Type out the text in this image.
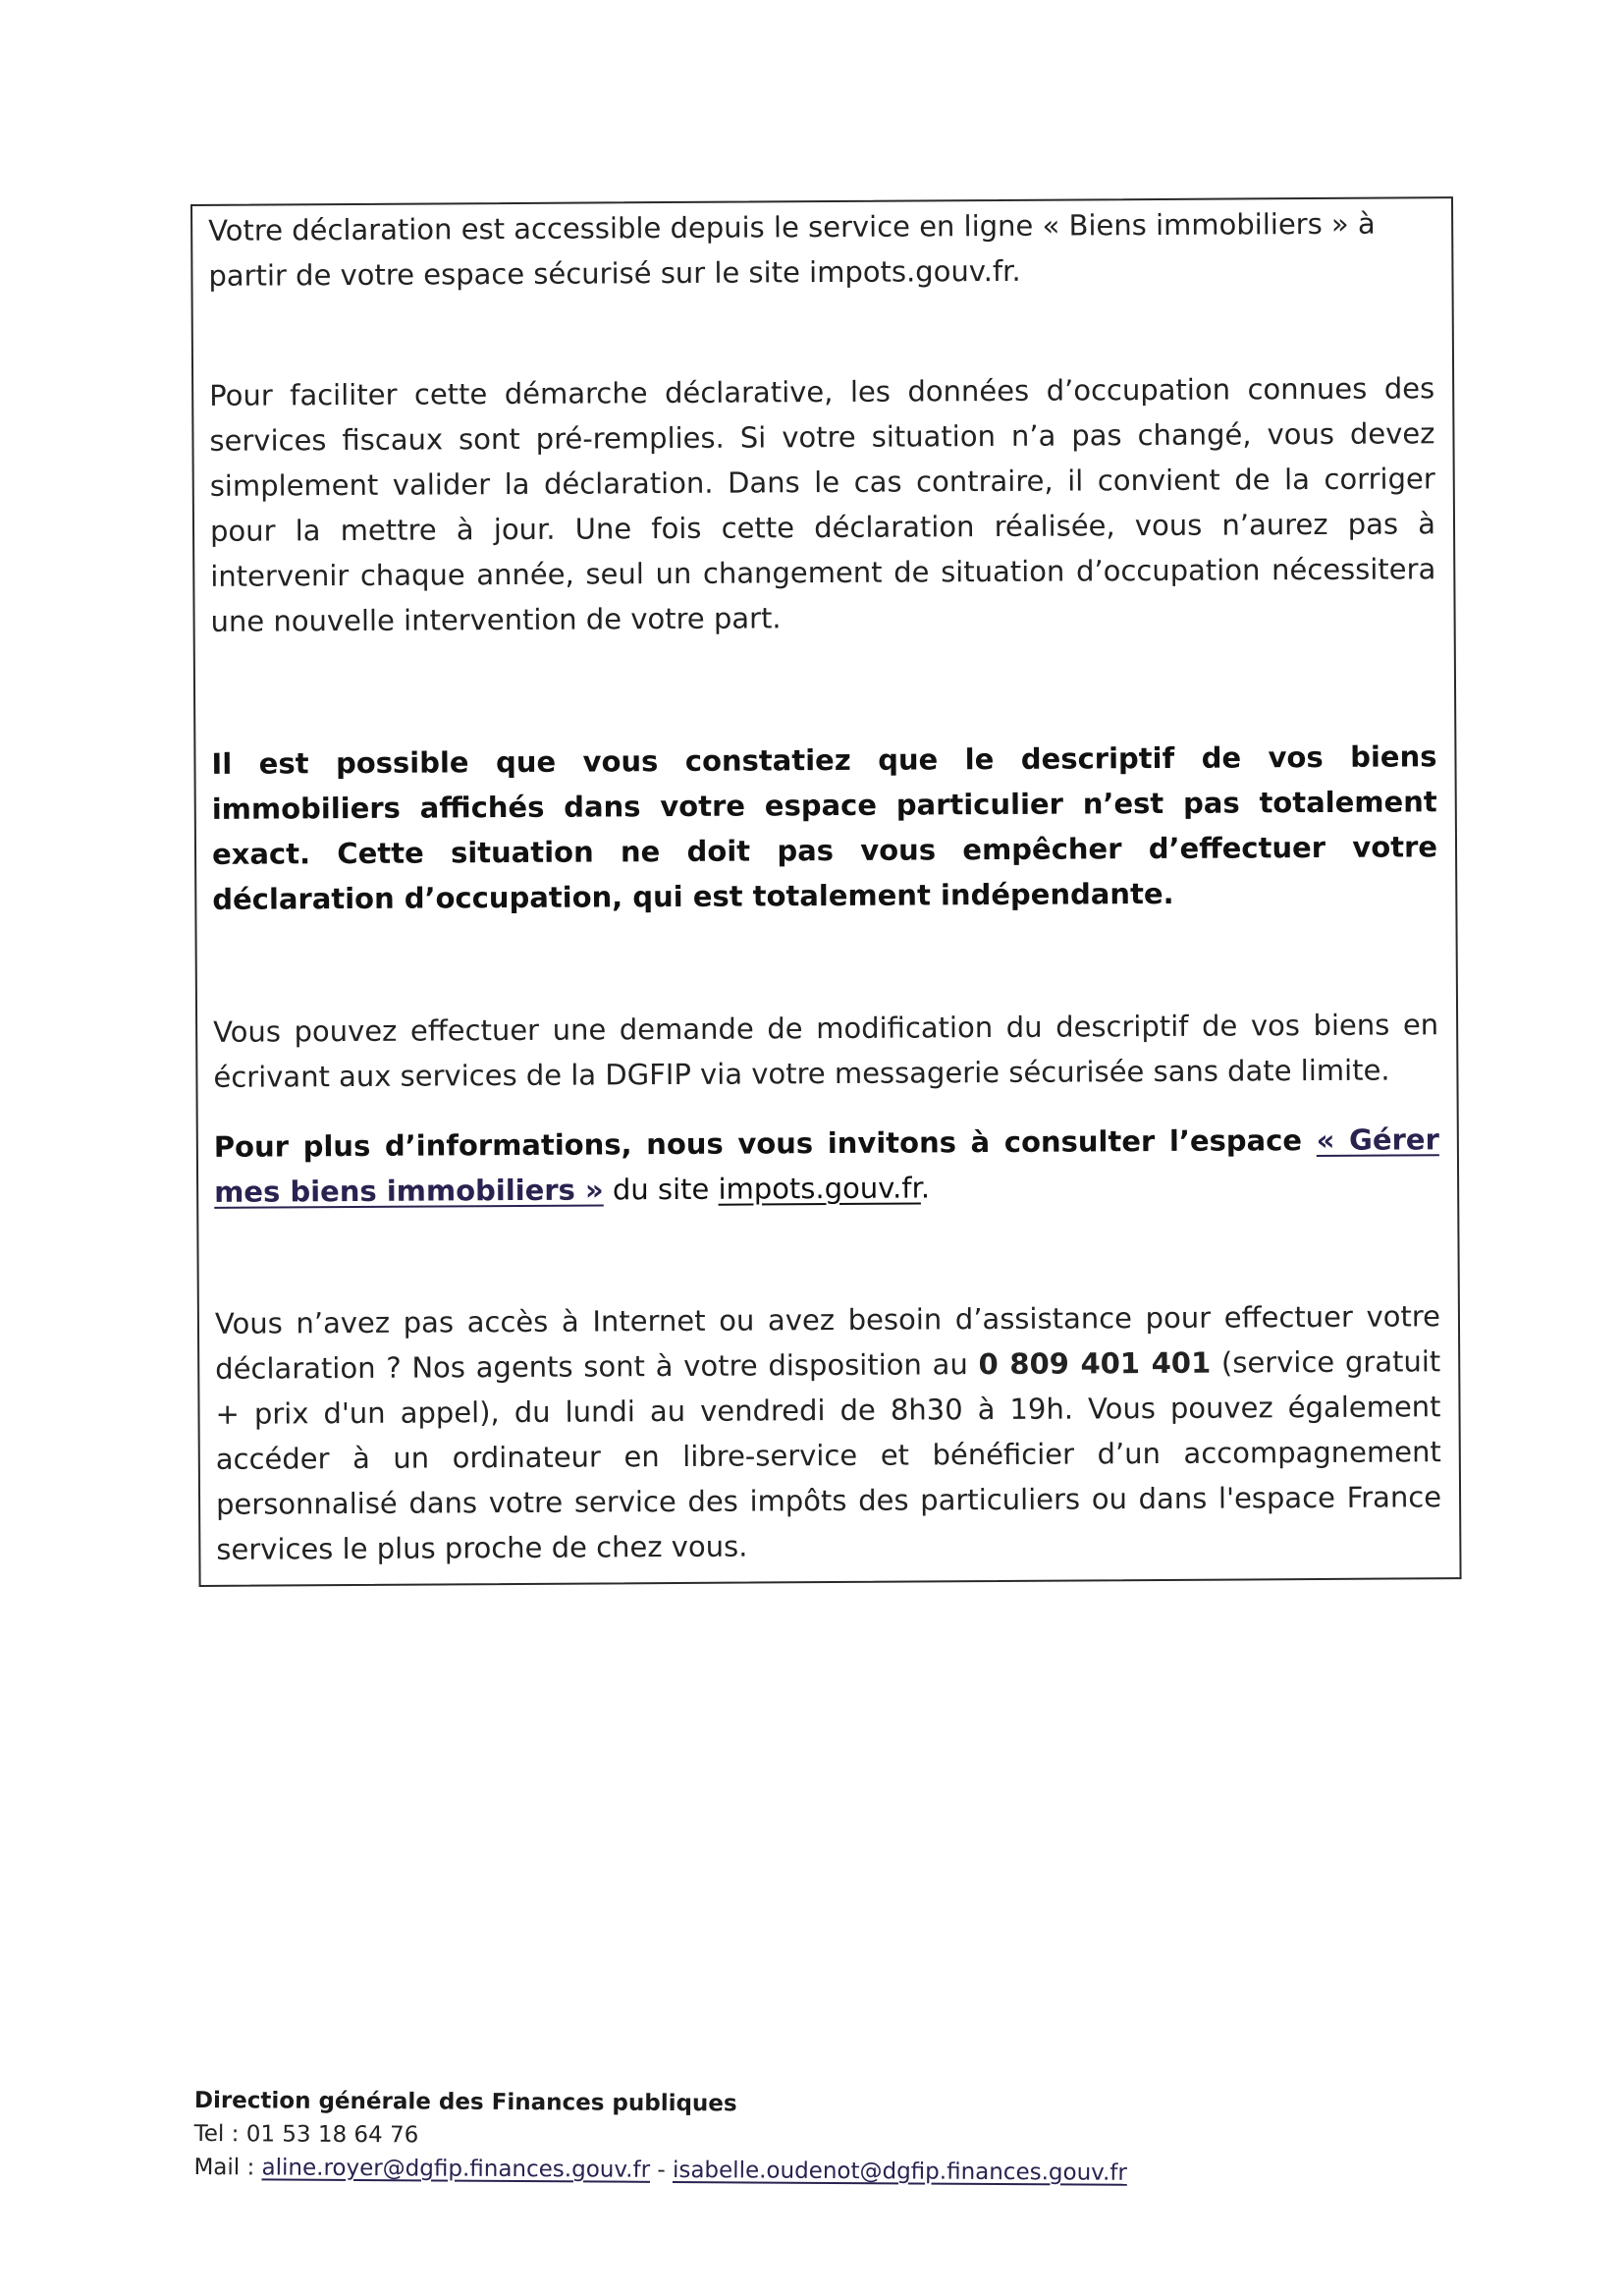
Votre déclaration est accessible depuis le service en ligne « Biens immobiliers » à partir de votre espace sécurisé sur le site impots.gouv.fr.

Pour faciliter cette démarche déclarative, les données d’occupation connues des services fiscaux sont pré-remplies. Si votre situation n’a pas changé, vous devez simplement valider la déclaration. Dans le cas contraire, il convient de la corriger pour la mettre à jour. Une fois cette déclaration réalisée, vous n’aurez pas à intervenir chaque année, seul un changement de situation d’occupation nécessitera une nouvelle intervention de votre part.

Il est possible que vous constatiez que le descriptif de vos biens immobiliers affichés dans votre espace particulier n’est pas totalement exact. Cette situation ne doit pas vous empêcher d’effectuer votre déclaration d’occupation, qui est totalement indépendante.

Vous pouvez effectuer une demande de modification du descriptif de vos biens en écrivant aux services de la DGFIP via votre messagerie sécurisée sans date limite.

Pour plus d’informations, nous vous invitons à consulter l’espace « Gérer mes biens immobiliers » du site impots.gouv.fr.

Vous n’avez pas accès à Internet ou avez besoin d’assistance pour effectuer votre déclaration ? Nos agents sont à votre disposition au 0 809 401 401 (service gratuit + prix d'un appel), du lundi au vendredi de 8h30 à 19h. Vous pouvez également accéder à un ordinateur en libre-service et bénéficier d’un accompagnement personnalisé dans votre service des impôts des particuliers ou dans l'espace France services le plus proche de chez vous.

Direction générale des Finances publiques
Tel : 01 53 18 64 76
Mail : aline.royer@dgfip.finances.gouv.fr - isabelle.oudenot@dgfip.finances.gouv.fr
